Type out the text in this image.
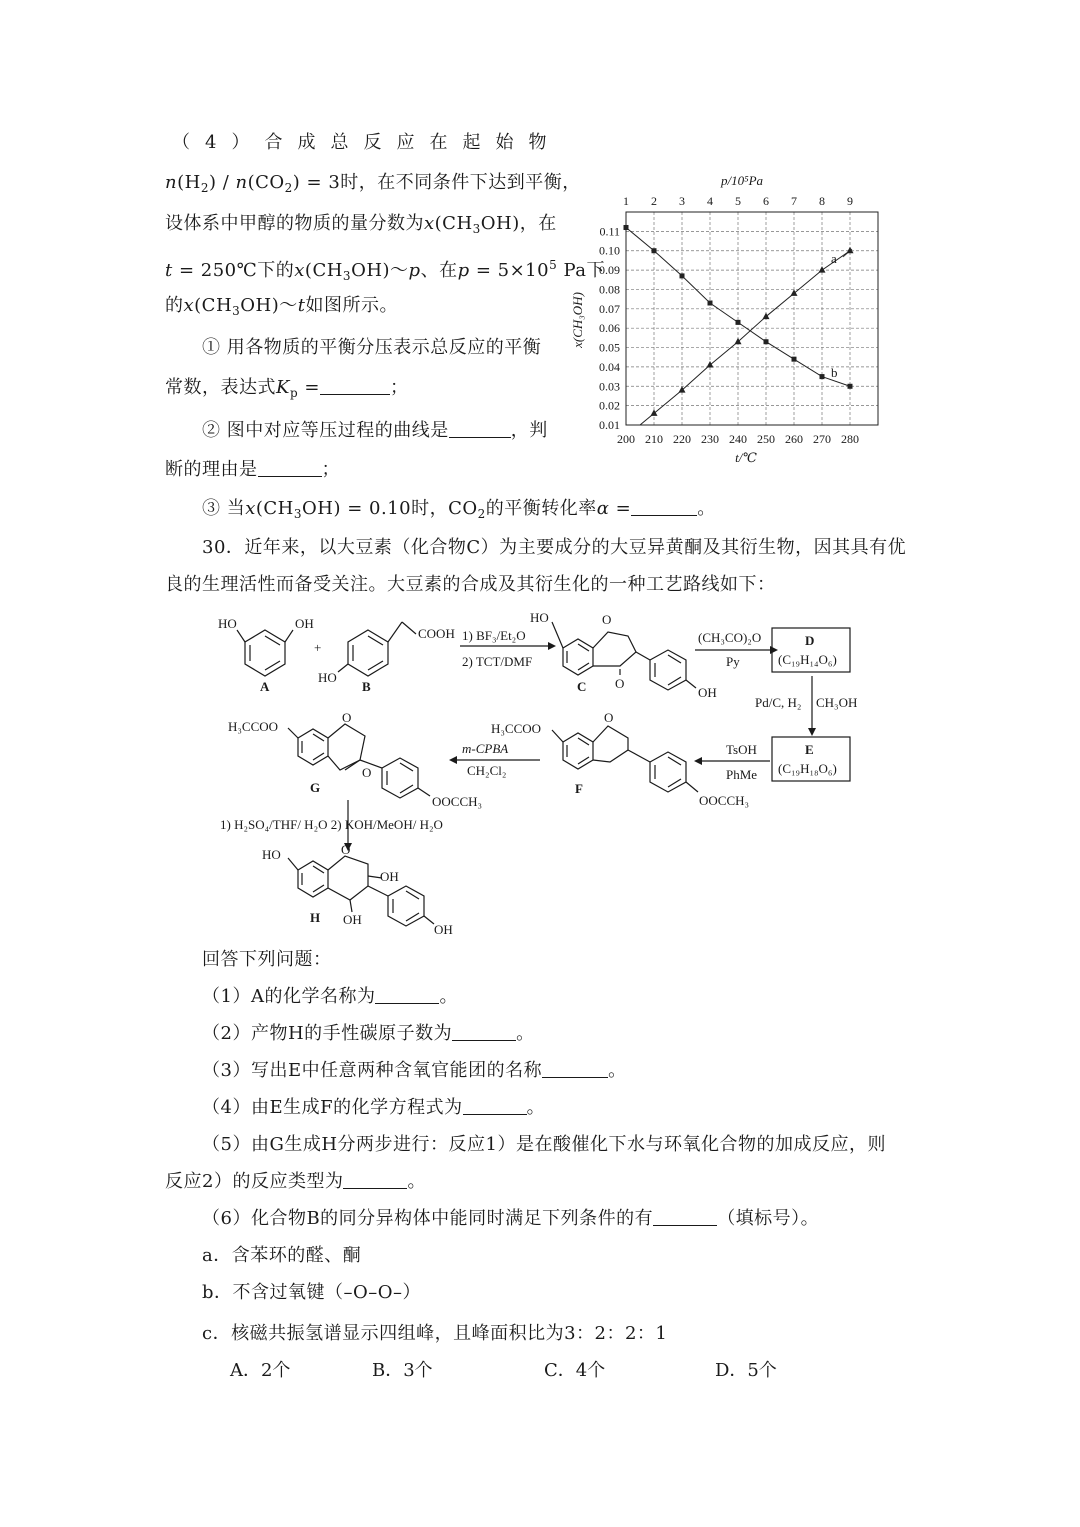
（4）合成总反应在起始物
$n(H_2) / n(CO_2) = 3$时，在不同条件下达到平衡，
设体系中甲醇的物质的量分数为$x(CH_3OH)$，在
t = 250℃下的$x(CH_3OH)\sim p$、在$p = 5\times 10^5$ Pa下
的$x(CH_3OH)\sim t$如图所示。
① 用各物质的平衡分压表示总反应的平衡
常数，表达式$K_p$ =	；
② 图中对应等压过程的曲线是	，判
断的理由是	；
③ 当$x(CH_3OH) = 0.10$时，$CO_2$的平衡转化率α =	。
p/10⁵Pa
1 2 3 4 5 6 7 8 9
0.01
0.02
0.03
0.04
0.05
0.06
0.07
0.08
0.09
0.10
0.11
200 210 220 230 240 250 260 270 280
x(CH₃OH)
t/℃
a
b
30．近年来，以大豆素（化合物C）为主要成分的大豆异黄酮及其衍生物，因其具有优
良的生理活性而备受关注。大豆素的合成及其衍生化的一种工艺路线如下：
HO	OH
A
+
COOH
HO
B
1) BF₃/Et₂O
2) TCT/DMF
HO	O
O
OH
C
(CH₃CO)₂O
Py
D
(C₁₉H₁₄O₆)
Pd/C, H₂ CH₃OH
E
(C₁₉H₁₈O₆)
TsOH
PhMe
H₃CCOO
O
OOCCH₃
F
m-CPBA
CH₂Cl₂
H₃CCOO
O
O
OOCCH₃
G
1) H₂SO₄/THF/ H₂O 2) KOH/MeOH/ H₂O
HO	O
OH
OH
OH
H
回答下列问题：
（1）A的化学名称为	。
（2）产物H的手性碳原子数为	。
（3）写出E中任意两种含氧官能团的名称	。
（4）由E生成F的化学方程式为	。
（5）由G生成H分两步进行：反应1）是在酸催化下水与环氧化合物的加成反应，则
反应2）的反应类型为	。
（6）化合物B的同分异构体中能同时满足下列条件的有	（填标号）。
a．含苯环的醛、酮
b．不含过氧键（–O–O–）
c．核磁共振氢谱显示四组峰，且峰面积比为3：2：2：1
A．2个	B．3个	C．4个	D．5个
